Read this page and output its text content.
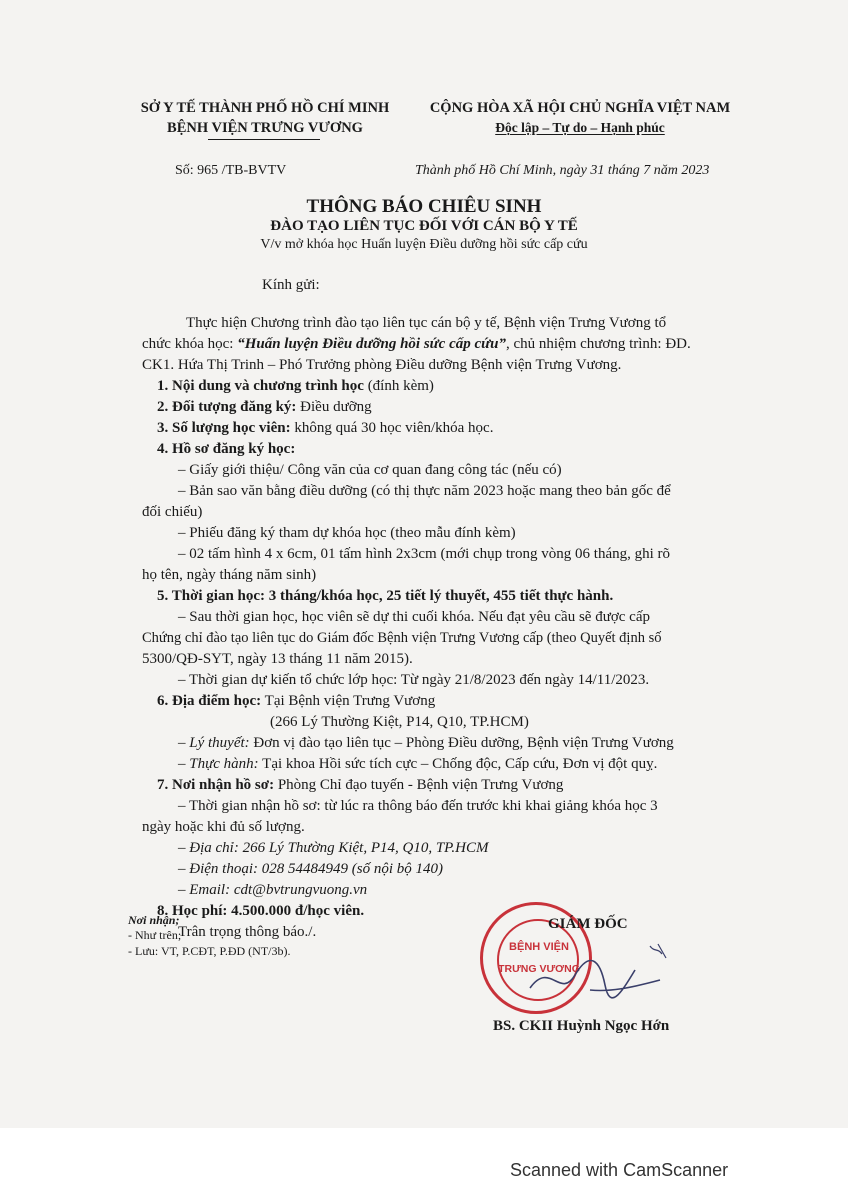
SỞ Y TẾ THÀNH PHỐ HỒ CHÍ MINH
BỆNH VIỆN TRƯNG VƯƠNG
CỘNG HÒA XÃ HỘI CHỦ NGHĨA VIỆT NAM
Độc lập – Tự do – Hạnh phúc
Số: 965 /TB-BVTV	Thành phố Hồ Chí Minh, ngày 31 tháng 7 năm 2023
THÔNG BÁO CHIÊU SINH
ĐÀO TẠO LIÊN TỤC ĐỐI VỚI CÁN BỘ Y TẾ
V/v mở khóa học Huấn luyện Điều dưỡng hồi sức cấp cứu
Kính gửi:
Thực hiện Chương trình đào tạo liên tục cán bộ y tế, Bệnh viện Trưng Vương tổ
chức khóa học: “Huấn luyện Điều dưỡng hồi sức cấp cứu”, chủ nhiệm chương trình: ĐD.
CK1. Hứa Thị Trinh – Phó Trưởng phòng Điều dưỡng Bệnh viện Trưng Vương.
1. Nội dung và chương trình học (đính kèm)
2. Đối tượng đăng ký: Điều dưỡng
3. Số lượng học viên: không quá 30 học viên/khóa học.
4. Hồ sơ đăng ký học:
– Giấy giới thiệu/ Công văn của cơ quan đang công tác (nếu có)
– Bản sao văn bằng điều dưỡng (có thị thực năm 2023 hoặc mang theo bản gốc để
đối chiếu)
– Phiếu đăng ký tham dự khóa học (theo mẫu đính kèm)
– 02 tấm hình 4 x 6cm, 01 tấm hình 2x3cm (mới chụp trong vòng 06 tháng, ghi rõ
họ tên, ngày tháng năm sinh)
5. Thời gian học: 3 tháng/khóa học, 25 tiết lý thuyết, 455 tiết thực hành.
– Sau thời gian học, học viên sẽ dự thi cuối khóa. Nếu đạt yêu cầu sẽ được cấp
Chứng chỉ đào tạo liên tục do Giám đốc Bệnh viện Trưng Vương cấp (theo Quyết định số
5300/QĐ-SYT, ngày 13 tháng 11 năm 2015).
– Thời gian dự kiến tổ chức lớp học: Từ ngày 21/8/2023 đến ngày 14/11/2023.
6. Địa điểm học: Tại Bệnh viện Trưng Vương
(266 Lý Thường Kiệt, P14, Q10, TP.HCM)
– Lý thuyết: Đơn vị đào tạo liên tục – Phòng Điều dưỡng, Bệnh viện Trưng Vương
– Thực hành: Tại khoa Hồi sức tích cực – Chống độc, Cấp cứu, Đơn vị đột quỵ.
7. Nơi nhận hồ sơ: Phòng Chỉ đạo tuyến - Bệnh viện Trưng Vương
– Thời gian nhận hồ sơ: từ lúc ra thông báo đến trước khi khai giảng khóa học 3
ngày hoặc khi đủ số lượng.
– Địa chỉ: 266 Lý Thường Kiệt, P14, Q10, TP.HCM
– Điện thoại: 028 54484949 (số nội bộ 140)
– Email: cdt@bvtrungvuong.vn
8. Học phí: 4.500.000 đ/học viên.
Trân trọng thông báo./.
Nơi nhận;
- Như trên;
- Lưu: VT, P.CĐT, P.ĐD (NT/3b).	BỆNH VIỆN
TRƯNG VƯƠNG
GIÁM ĐỐC
BS. CKII Huỳnh Ngọc Hớn
Scanned with CamScanner
